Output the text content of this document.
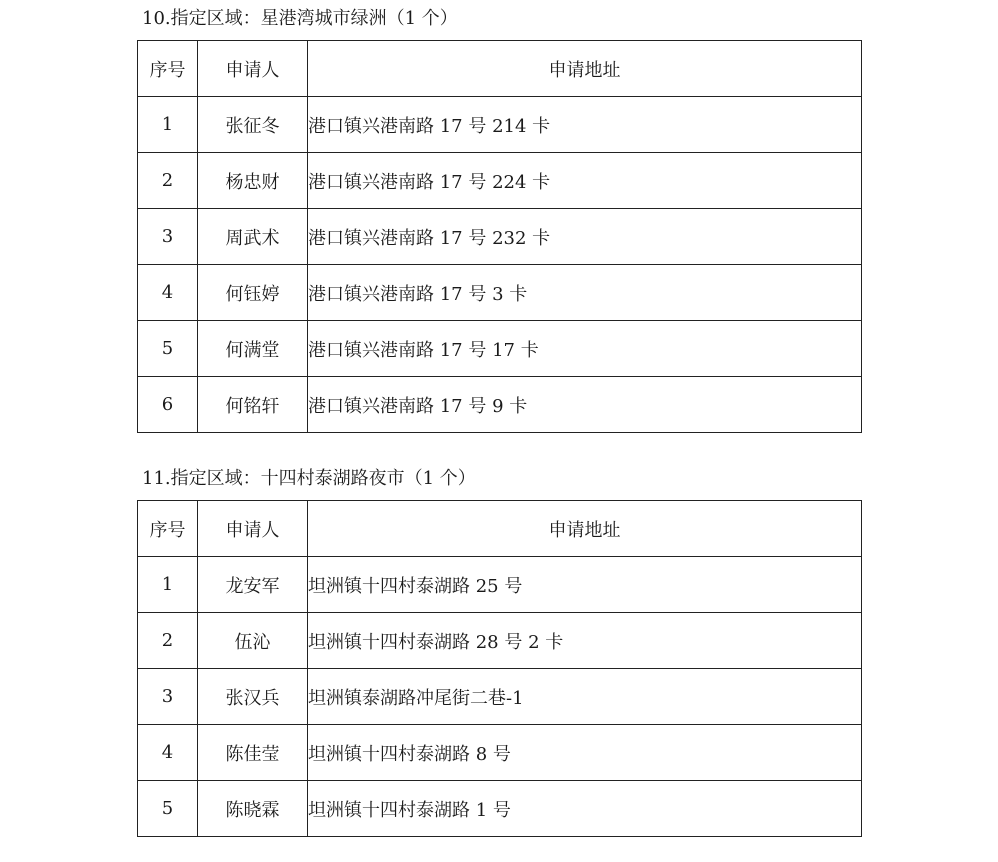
10.指定区域：星港湾城市绿洲（1 个）
序号	申请人	申请地址
1	张征冬	港口镇兴港南路 17 号 214 卡
2	杨忠财	港口镇兴港南路 17 号 224 卡
3	周武术	港口镇兴港南路 17 号 232 卡
4	何钰婷	港口镇兴港南路 17 号 3 卡
5	何满堂	港口镇兴港南路 17 号 17 卡
6	何铭轩	港口镇兴港南路 17 号 9 卡
11.指定区域：十四村泰湖路夜市（1 个）
序号	申请人	申请地址
1	龙安军	坦洲镇十四村泰湖路 25 号
2	伍沁	坦洲镇十四村泰湖路 28 号 2 卡
3	张汉兵	坦洲镇泰湖路冲尾街二巷-1
4	陈佳莹	坦洲镇十四村泰湖路 8 号
5	陈晓霖	坦洲镇十四村泰湖路 1 号
